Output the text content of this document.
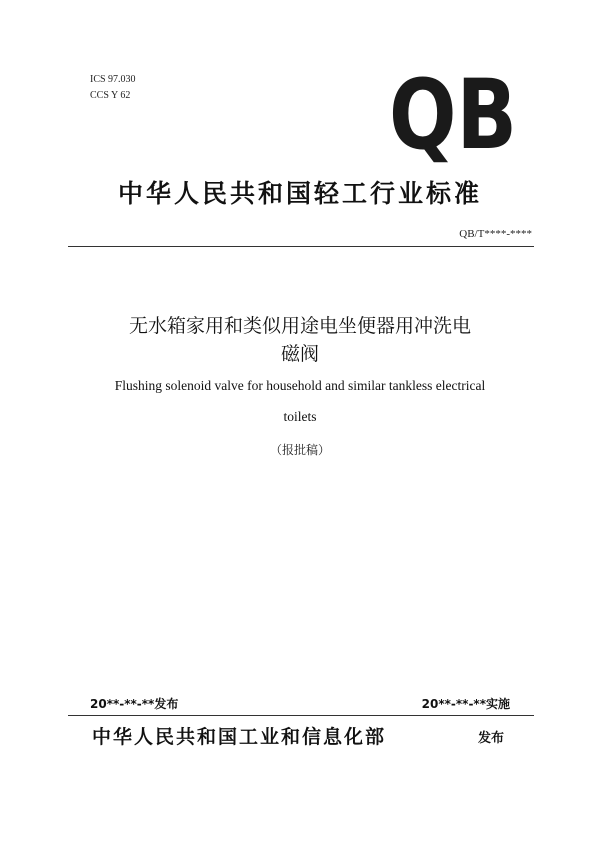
ICS 97.030
CCS Y 62	QB
中华人民共和国轻工行业标准
QB/T****-****
无水箱家用和类似用途电坐便器用冲洗电
磁阀
Flushing solenoid valve for household and similar tankless electrical
toilets
（报批稿）
20**-**-**发布	20**-**-**实施
中华人民共和国工业和信息化部	发布
